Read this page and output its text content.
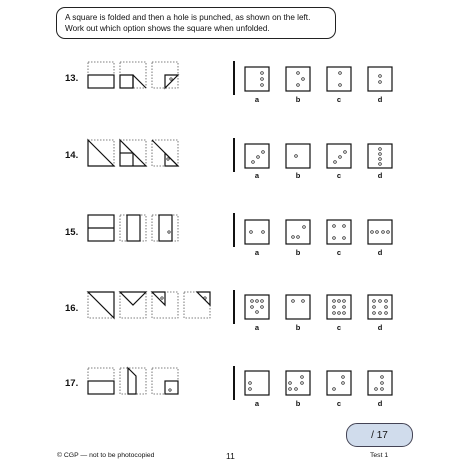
A square is folded and then a hole is punched, as shown on the left.
Work out which option shows the square when unfolded.
13.
a	b	c	d
14.
a	b	c	d
15.
a	b	c	d
16.
a	b	c	d
17.
a	b	c	d
/ 17
© CGP — not to be photocopied	11	Test 1
